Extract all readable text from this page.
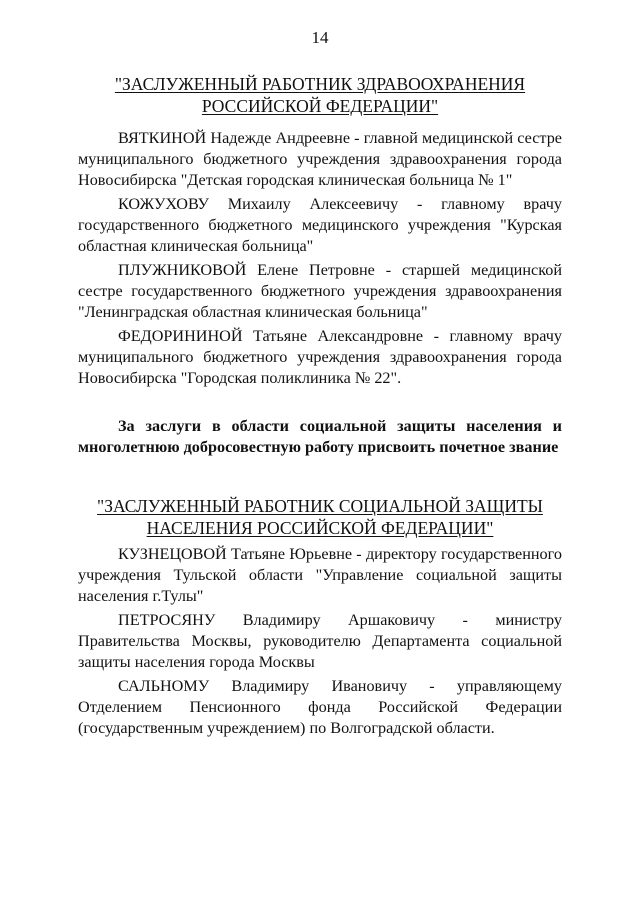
14
"ЗАСЛУЖЕННЫЙ РАБОТНИК ЗДРАВООХРАНЕНИЯ
РОССИЙСКОЙ ФЕДЕРАЦИИ"

ВЯТКИНОЙ Надежде Андреевне - главной медицинской сестре муниципального бюджетного учреждения здравоохранения города Новосибирска "Детская городская клиническая больница № 1"

КОЖУХОВУ Михаилу Алексеевичу - главному врачу государственного бюджетного медицинского учреждения "Курская областная клиническая больница"

ПЛУЖНИКОВОЙ Елене Петровне - старшей медицинской сестре государственного бюджетного учреждения здравоохранения "Ленинградская областная клиническая больница"

ФЕДОРИНИНОЙ Татьяне Александровне - главному врачу муниципального бюджетного учреждения здравоохранения города Новосибирска "Городская поликлиника № 22".

За заслуги в области социальной защиты населения и многолетнюю добросовестную работу присвоить почетное звание
"ЗАСЛУЖЕННЫЙ РАБОТНИК СОЦИАЛЬНОЙ ЗАЩИТЫ
НАСЕЛЕНИЯ РОССИЙСКОЙ ФЕДЕРАЦИИ"

КУЗНЕЦОВОЙ Татьяне Юрьевне - директору государственного учреждения Тульской области "Управление социальной защиты населения г.Тулы"

ПЕТРОСЯНУ Владимиру Аршаковичу - министру Правительства Москвы, руководителю Департамента социальной защиты населения города Москвы

САЛЬНОМУ Владимиру Ивановичу - управляющему Отделением Пенсионного фонда Российской Федерации (государственным учреждением) по Волгоградской области.
